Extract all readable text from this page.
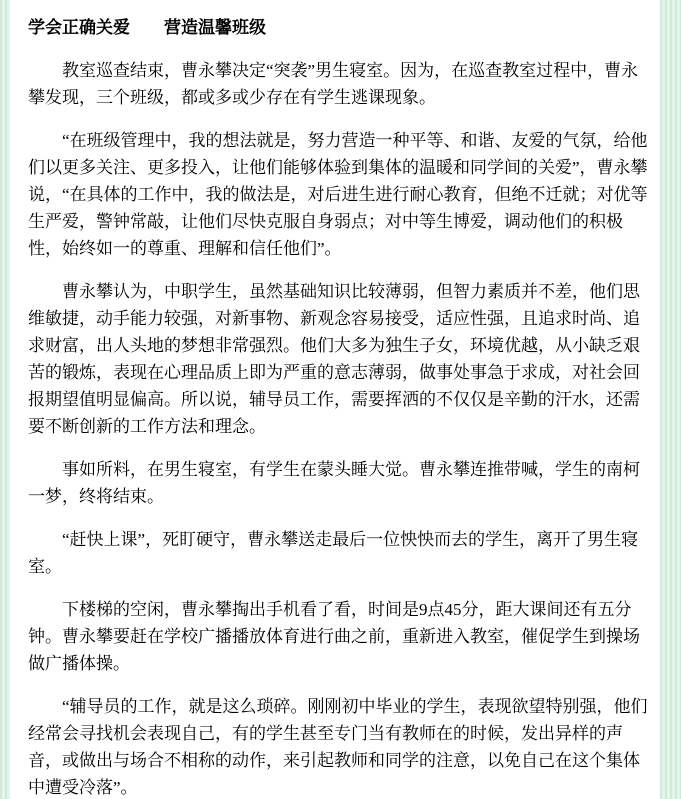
学会正确关爱　　营造温馨班级

教室巡查结束，曹永攀决定“突袭”男生寝室。因为，在巡查教室过程中，曹永攀发现，三个班级，都或多或少存在有学生逃课现象。

“在班级管理中，我的想法就是，努力营造一种平等、和谐、友爱的气氛，给他们以更多关注、更多投入，让他们能够体验到集体的温暖和同学间的关爱”，曹永攀说，“在具体的工作中，我的做法是，对后进生进行耐心教育，但绝不迁就；对优等生严爱，警钟常敲，让他们尽快克服自身弱点；对中等生博爱，调动他们的积极性，始终如一的尊重、理解和信任他们”。

曹永攀认为，中职学生，虽然基础知识比较薄弱，但智力素质并不差，他们思维敏捷，动手能力较强，对新事物、新观念容易接受，适应性强，且追求时尚、追求财富，出人头地的梦想非常强烈。他们大多为独生子女，环境优越，从小缺乏艰苦的锻炼，表现在心理品质上即为严重的意志薄弱，做事处事急于求成，对社会回报期望值明显偏高。所以说，辅导员工作，需要挥洒的不仅仅是辛勤的汗水，还需要不断创新的工作方法和理念。

事如所料，在男生寝室，有学生在蒙头睡大觉。曹永攀连推带喊，学生的南柯一梦，终将结束。

“赶快上课”，死盯硬守，曹永攀送走最后一位怏怏而去的学生，离开了男生寝室。

下楼梯的空闲，曹永攀掏出手机看了看，时间是9点45分，距大课间还有五分钟。曹永攀要赶在学校广播播放体育进行曲之前，重新进入教室，催促学生到操场做广播体操。

“辅导员的工作，就是这么琐碎。刚刚初中毕业的学生，表现欲望特别强，他们经常会寻找机会表现自己，有的学生甚至专门当有教师在的时候，发出异样的声音，或做出与场合不相称的动作，来引起教师和同学的注意，以免自己在这个集体中遭受冷落”。
